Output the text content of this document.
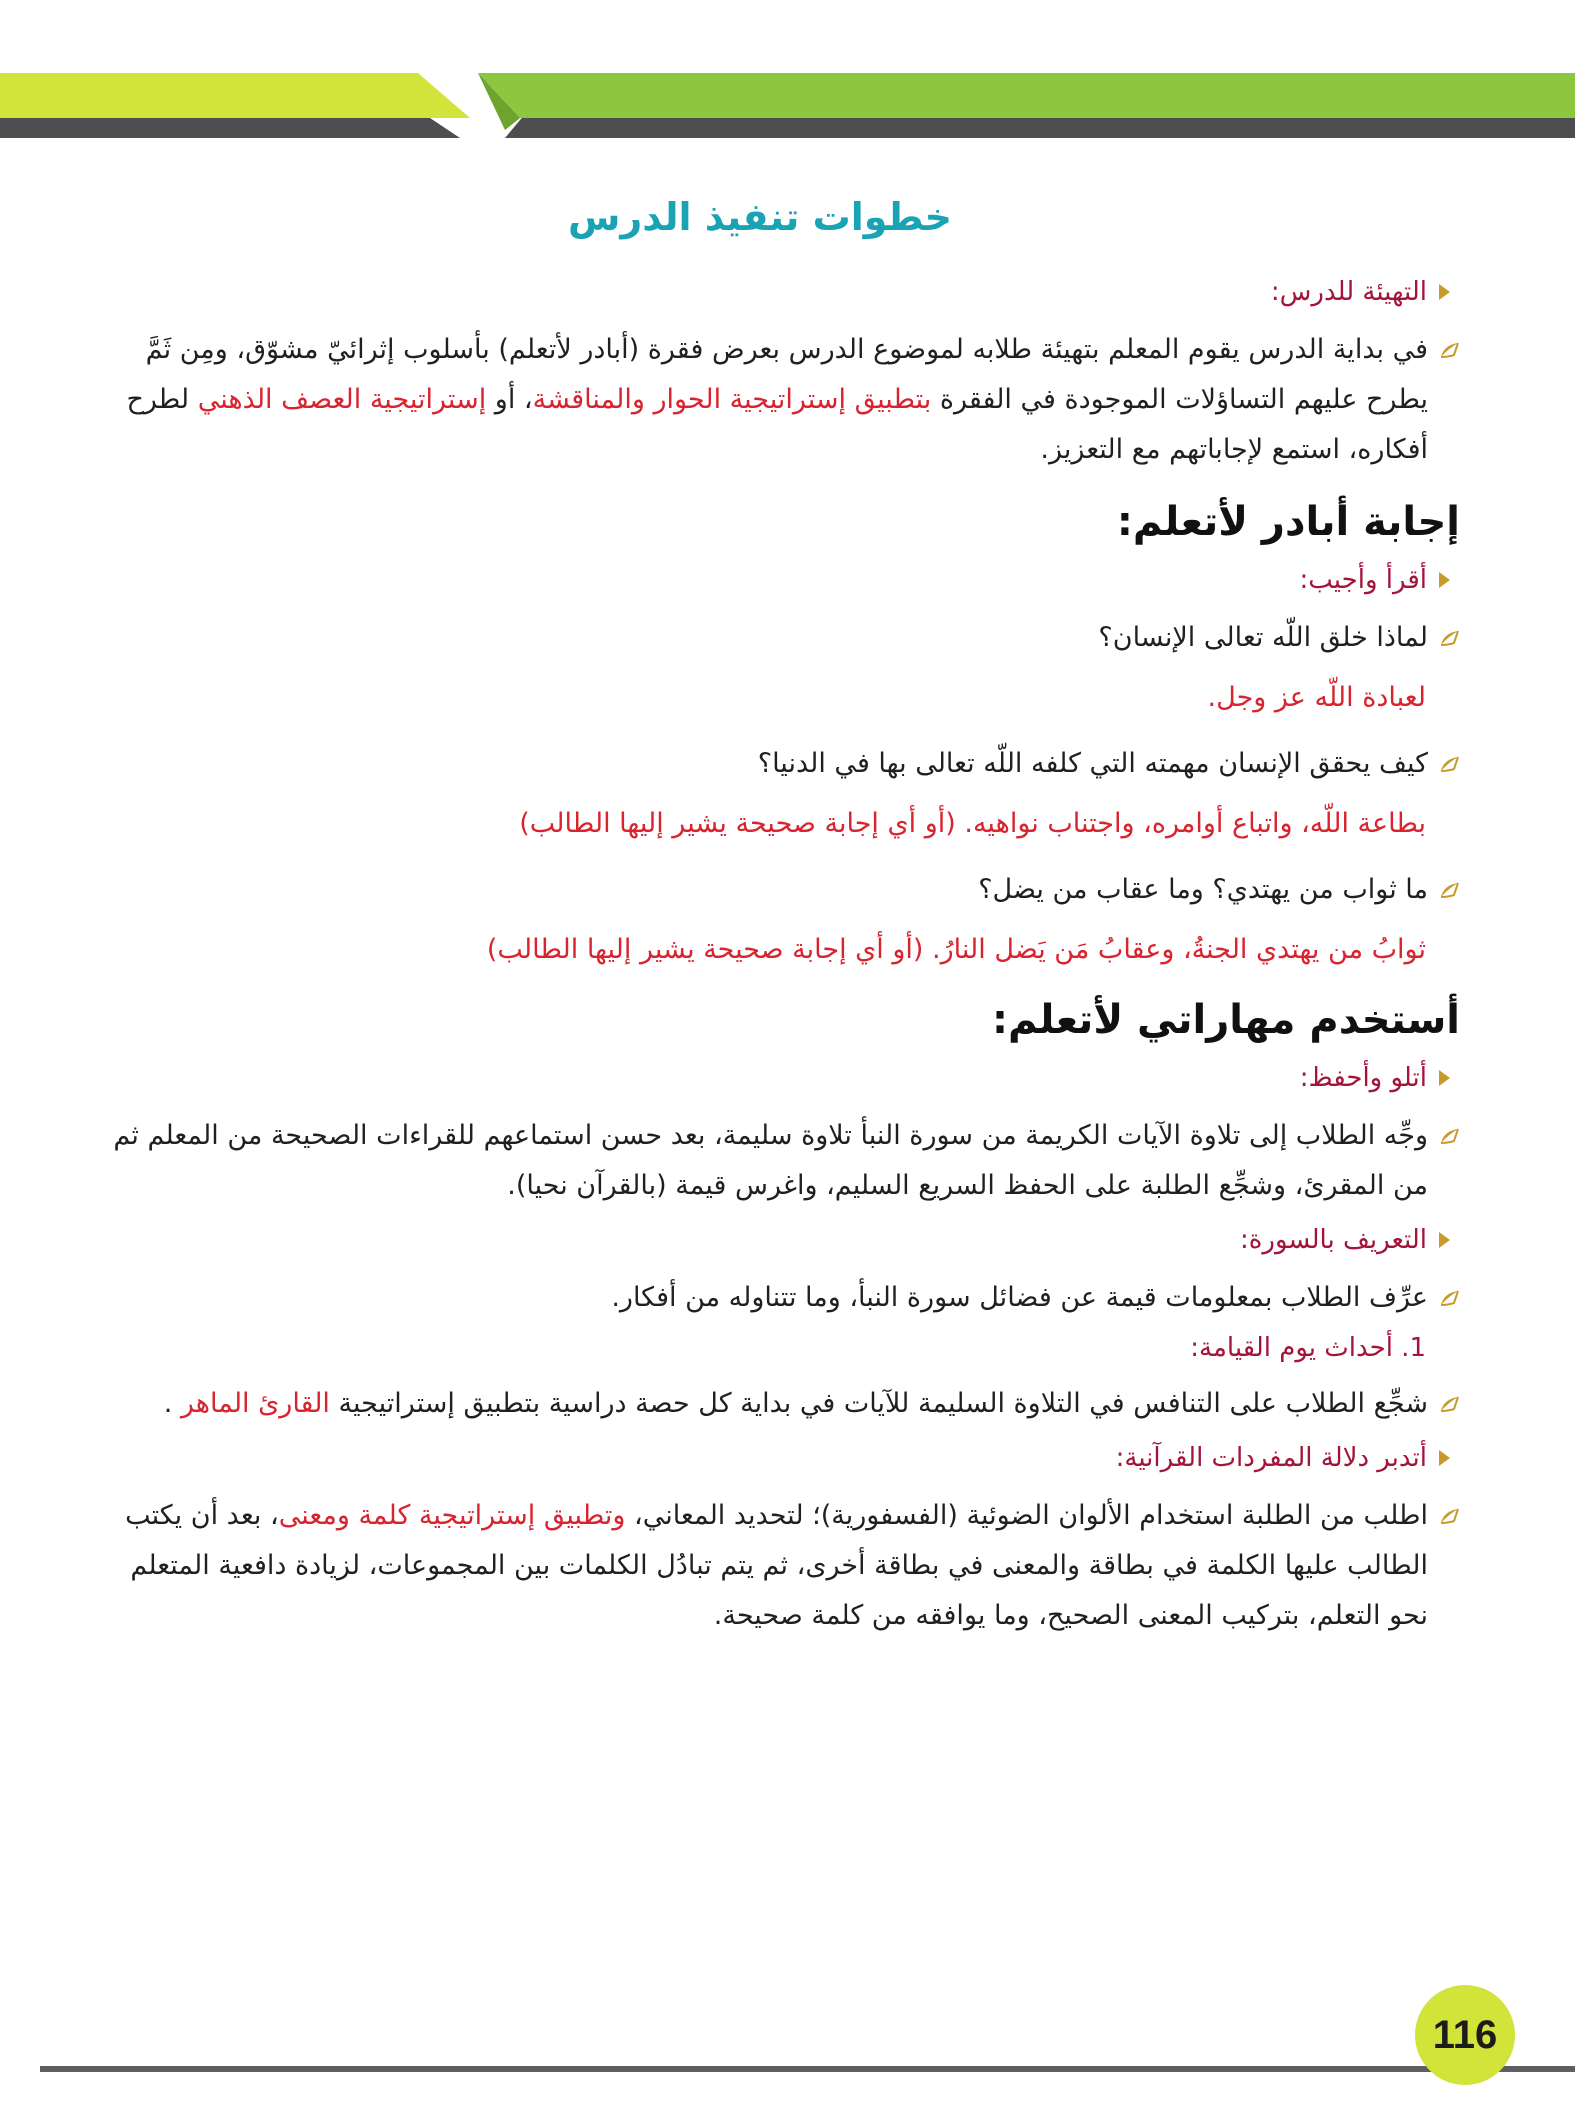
خطوات تنفيذ الدرس
التهيئة للدرس:
في بداية الدرس يقوم المعلم بتهيئة طلابه لموضوع الدرس بعرض فقرة (أبادر لأتعلم) بأسلوب إثرائيّ مشوّق، ومِن ثَمَّ يطرح عليهم التساؤلات الموجودة في الفقرة بتطبيق إستراتيجية الحوار والمناقشة، أو إستراتيجية العصف الذهني لطرح أفكاره، استمع لإجاباتهم مع التعزيز.
إجابة أبادر لأتعلم:
أقرأ وأجيب:
لماذا خلق اللّه تعالى الإنسان؟
لعبادة اللّه عز وجل.
كيف يحقق الإنسان مهمته التي كلفه اللّه تعالى بها في الدنيا؟
بطاعة اللّه، واتباع أوامره، واجتناب نواهيه. (أو أي إجابة صحيحة يشير إليها الطالب)
ما ثواب من يهتدي؟ وما عقاب من يضل؟
ثوابُ من يهتدي الجنةُ، وعقابُ مَن يَضل النارُ. (أو أي إجابة صحيحة يشير إليها الطالب)
أستخدم مهاراتي لأتعلم:
أتلو وأحفظ:
وجِّه الطلاب إلى تلاوة الآيات الكريمة من سورة النبأ تلاوة سليمة، بعد حسن استماعهم للقراءات الصحيحة من المعلم ثم من المقرئ، وشجِّع الطلبة على الحفظ السريع السليم، واغرس قيمة (بالقرآن نحيا).
التعريف بالسورة:
عرِّف الطلاب بمعلومات قيمة عن فضائل سورة النبأ، وما تتناوله من أفكار.
1. أحداث يوم القيامة:
شجِّع الطلاب على التنافس في التلاوة السليمة للآيات في بداية كل حصة دراسية بتطبيق إستراتيجية القارئ الماهر .
أتدبر دلالة المفردات القرآنية:
اطلب من الطلبة استخدام الألوان الضوئية (الفسفورية)؛ لتحديد المعاني، وتطبيق إستراتيجية كلمة ومعنى، بعد أن يكتب الطالب عليها الكلمة في بطاقة والمعنى في بطاقة أخرى، ثم يتم تبادُل الكلمات بين المجموعات، لزيادة دافعية المتعلم نحو التعلم، بتركيب المعنى الصحيح، وما يوافقه من كلمة صحيحة.
116
